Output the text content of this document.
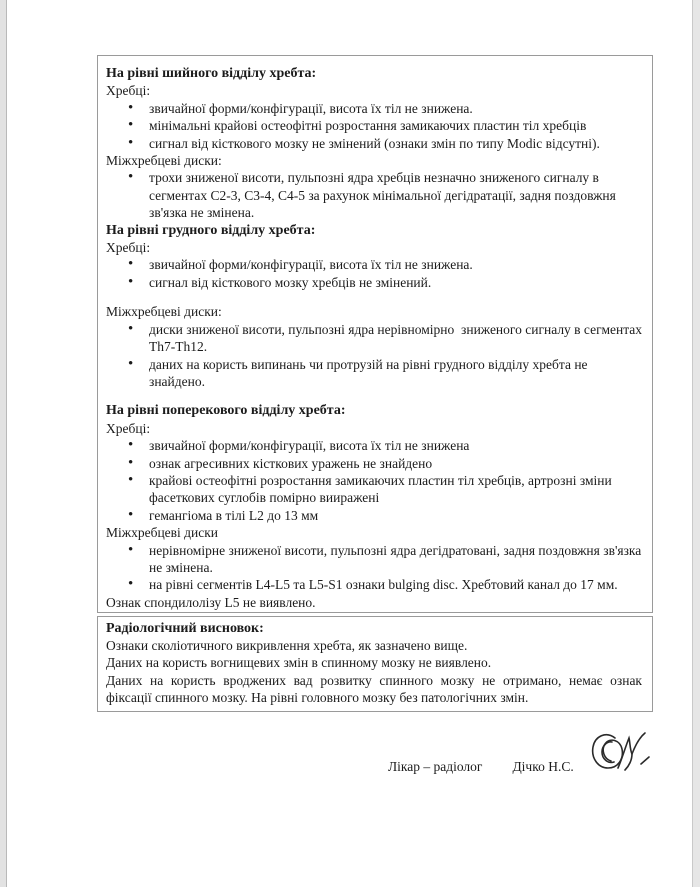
На рівні шийного відділу хребта:
Хребці:
• звичайної форми/конфігурації, висота їх тіл не знижена.
• мінімальні крайові остеофітні розростання замикаючих пластин тіл хребців
• сигнал від кісткового мозку не змінений (ознаки змін по типу Modic відсутні).
Міжхребцеві диски:
• трохи зниженої висоти, пульпозні ядра хребців незначно зниженого сигналу в сегментах С2-3, С3-4, С4-5 за рахунок мінімальної дегідратації, задня поздовжня зв'язка не змінена.
На рівні грудного відділу хребта:
Хребці:
• звичайної форми/конфігурації, висота їх тіл не знижена.
• сигнал від кісткового мозку хребців не змінений.
Міжхребцеві диски:
• диски зниженої висоти, пульпозні ядра нерівномірно  зниженого сигналу в сегментах Th7-Th12.
• даних на користь випинань чи протрузій на рівні грудного відділу хребта не знайдено.
На рівні поперекового відділу хребта:
Хребці:
• звичайної форми/конфігурації, висота їх тіл не знижена
• ознак агресивних кісткових уражень не знайдено
• крайові остеофітні розростання замикаючих пластин тіл хребців, артрозні зміни фасеткових суглобів помірно вииражені
• гемангіома в тілі L2 до 13 мм
Міжхребцеві диски
• нерівномірне зниженої висоти, пульпозні ядра дегідратовані, задня поздовжня зв'язка  не змінена.
• на рівні сегментів L4-L5 та L5-S1 ознаки bulging disc. Хребтовий канал до 17 мм.
Ознак спондилолізу L5 не виявлено.
Радіологічний висновок:
Ознаки сколіотичного викривлення хребта, як зазначено вище.
Даних на користь вогнищевих змін в спинному мозку не виявлено.
Даних на користь вроджених вад розвитку спинного мозку не отримано, немає ознак фіксації спинного мозку. На рівні головного мозку без патологічних змін.
Лікар – радіолог Дічко Н.С.
